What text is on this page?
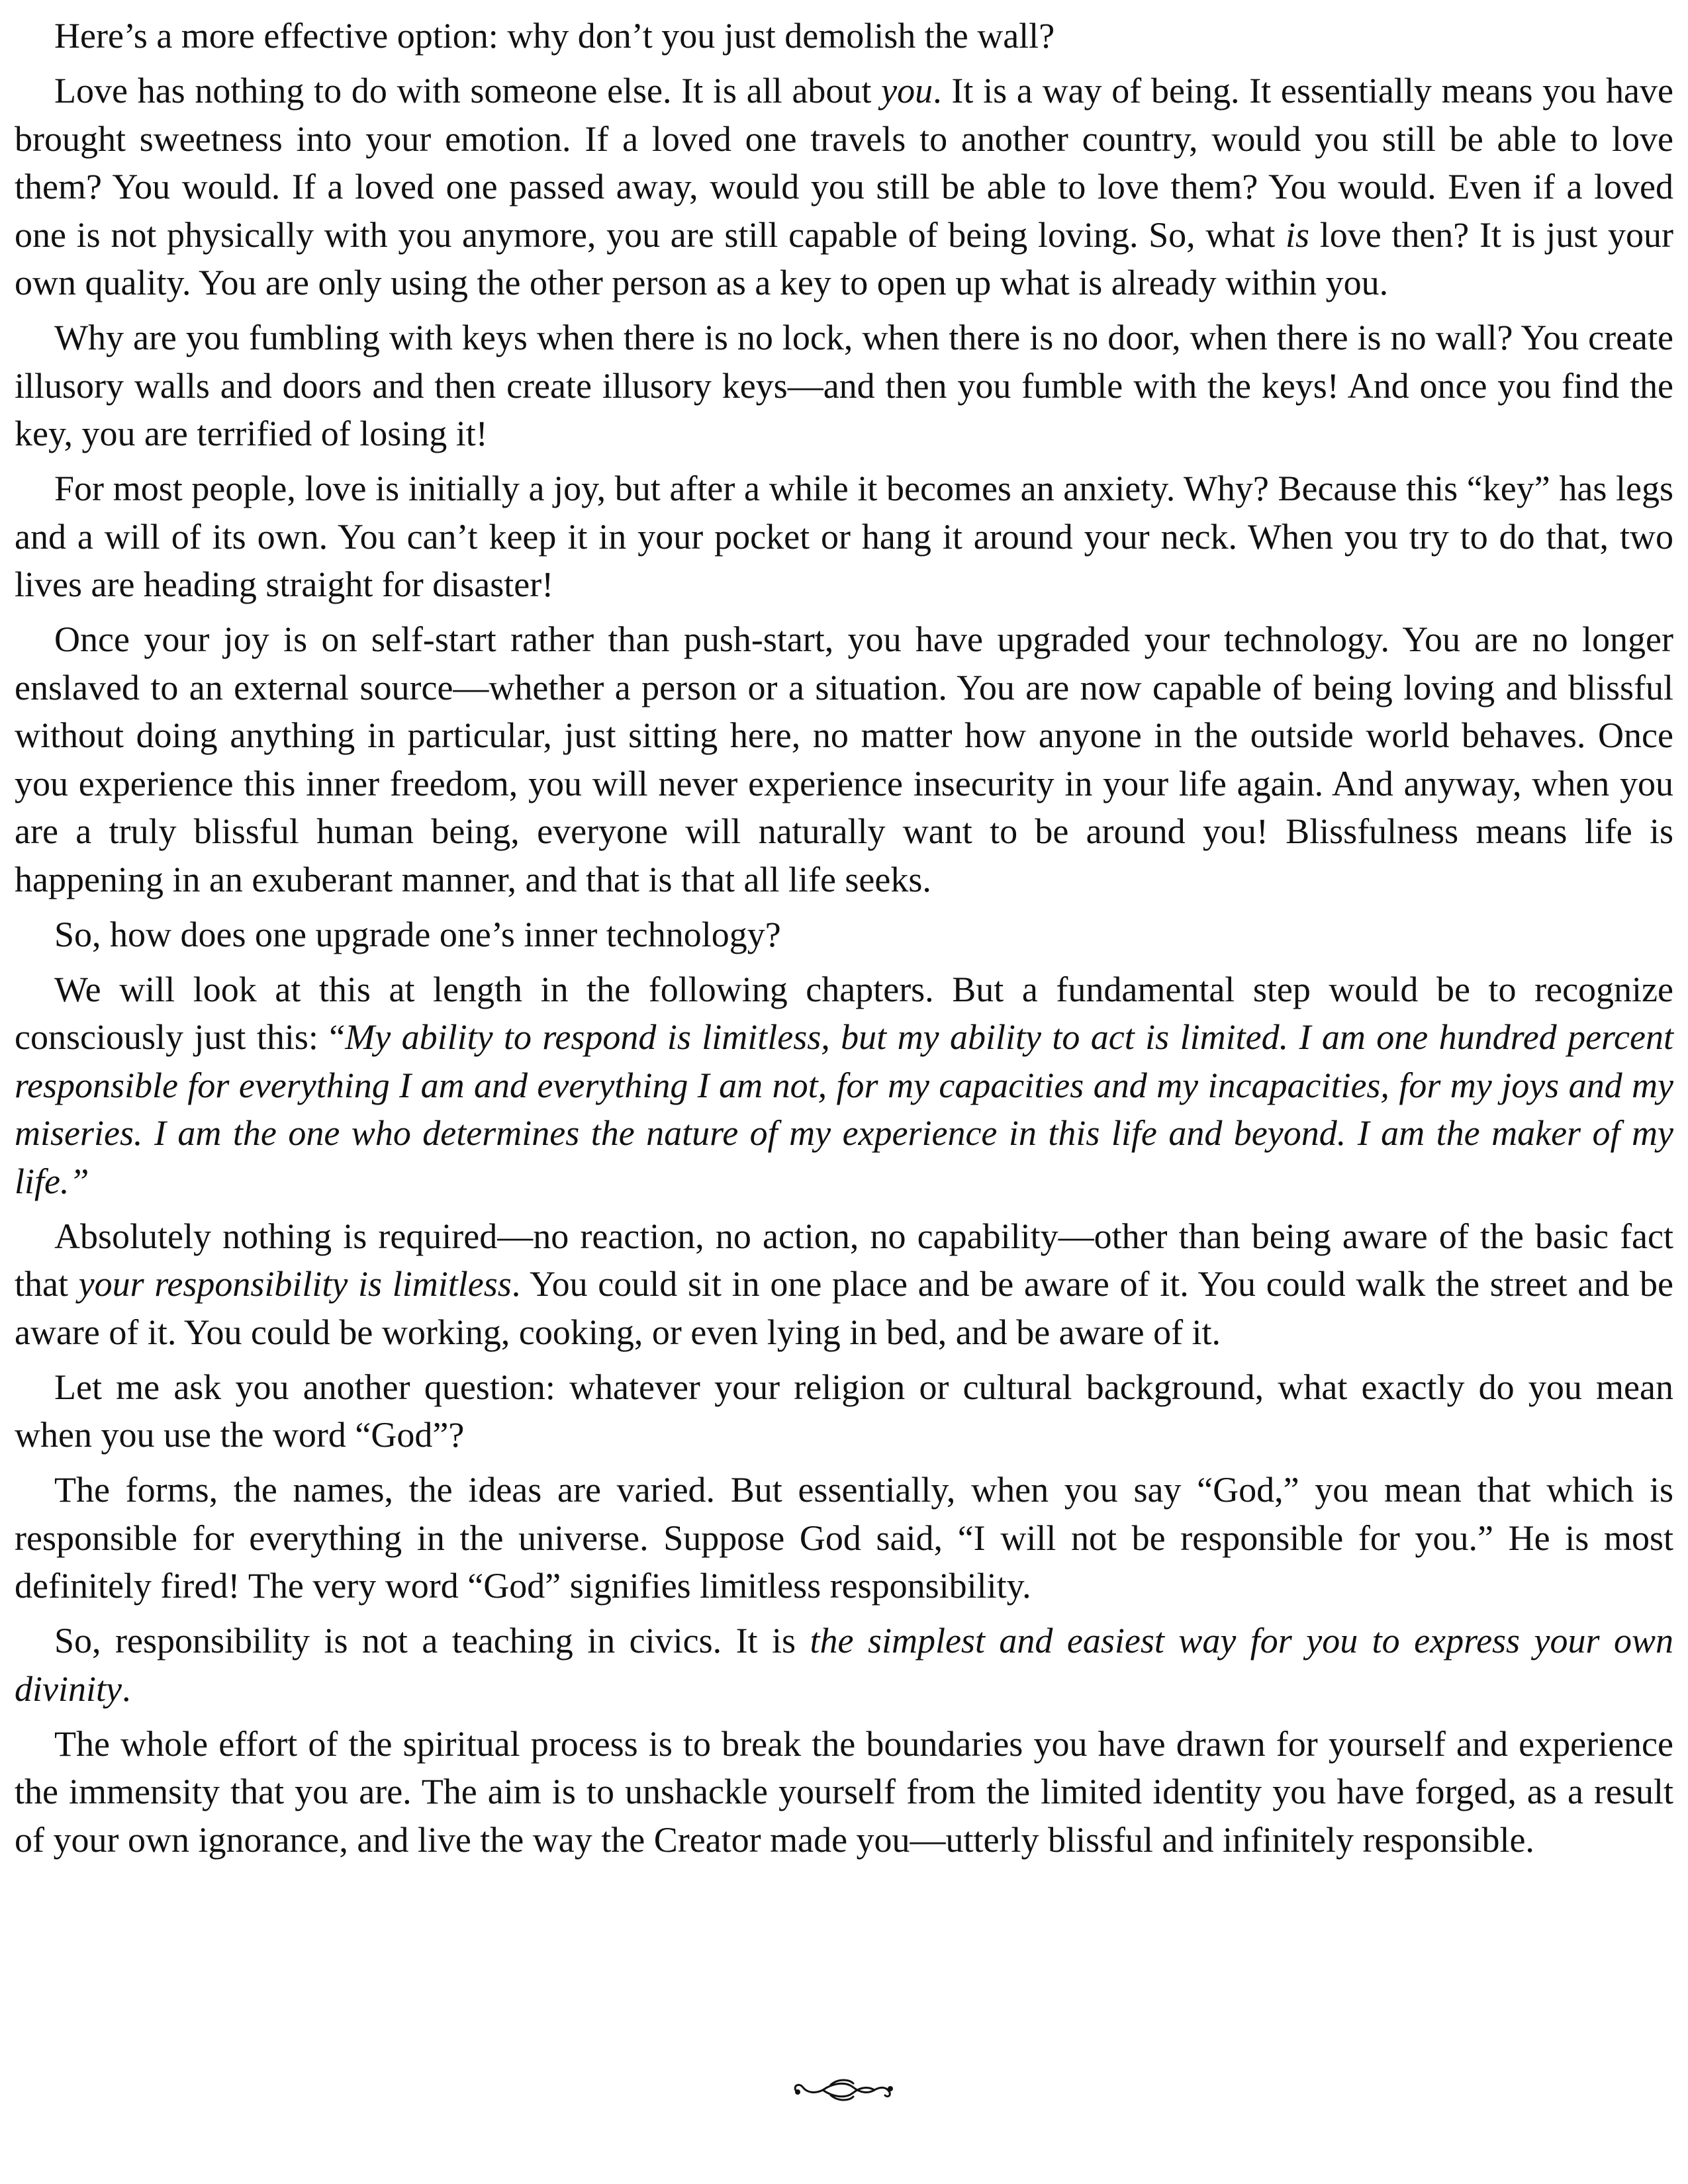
Here’s a more effective option: why don’t you just demolish the wall?

Love has nothing to do with someone else. It is all about you. It is a way of being. It essentially means you have brought sweetness into your emotion. If a loved one travels to another country, would you still be able to love them? You would. If a loved one passed away, would you still be able to love them? You would. Even if a loved one is not physically with you anymore, you are still capable of being loving. So, what is love then? It is just your own quality. You are only using the other person as a key to open up what is already within you.

Why are you fumbling with keys when there is no lock, when there is no door, when there is no wall? You create illusory walls and doors and then create illusory keys—and then you fumble with the keys! And once you find the key, you are terrified of losing it!

For most people, love is initially a joy, but after a while it becomes an anxiety. Why? Because this “key” has legs and a will of its own. You can’t keep it in your pocket or hang it around your neck. When you try to do that, two lives are heading straight for disaster!

Once your joy is on self-start rather than push-start, you have upgraded your technology. You are no longer enslaved to an external source—whether a person or a situation. You are now capable of being loving and blissful without doing anything in particular, just sitting here, no matter how anyone in the outside world behaves. Once you experience this inner freedom, you will never experience insecurity in your life again. And anyway, when you are a truly blissful human being, everyone will naturally want to be around you! Blissfulness means life is happening in an exuberant manner, and that is that all life seeks.

So, how does one upgrade one’s inner technology?

We will look at this at length in the following chapters. But a fundamental step would be to recognize consciously just this: “My ability to respond is limitless, but my ability to act is limited. I am one hundred percent responsible for everything I am and everything I am not, for my capacities and my incapacities, for my joys and my miseries. I am the one who determines the nature of my experience in this life and beyond. I am the maker of my life.”

Absolutely nothing is required—no reaction, no action, no capability—other than being aware of the basic fact that your responsibility is limitless. You could sit in one place and be aware of it. You could walk the street and be aware of it. You could be working, cooking, or even lying in bed, and be aware of it.

Let me ask you another question: whatever your religion or cultural background, what exactly do you mean when you use the word “God”?

The forms, the names, the ideas are varied. But essentially, when you say “God,” you mean that which is responsible for everything in the universe. Suppose God said, “I will not be responsible for you.” He is most definitely fired! The very word “God” signifies limitless responsibility.

So, responsibility is not a teaching in civics. It is the simplest and easiest way for you to express your own divinity.

The whole effort of the spiritual process is to break the boundaries you have drawn for yourself and experience the immensity that you are. The aim is to unshackle yourself from the limited identity you have forged, as a result of your own ignorance, and live the way the Creator made you—utterly blissful and infinitely responsible.
